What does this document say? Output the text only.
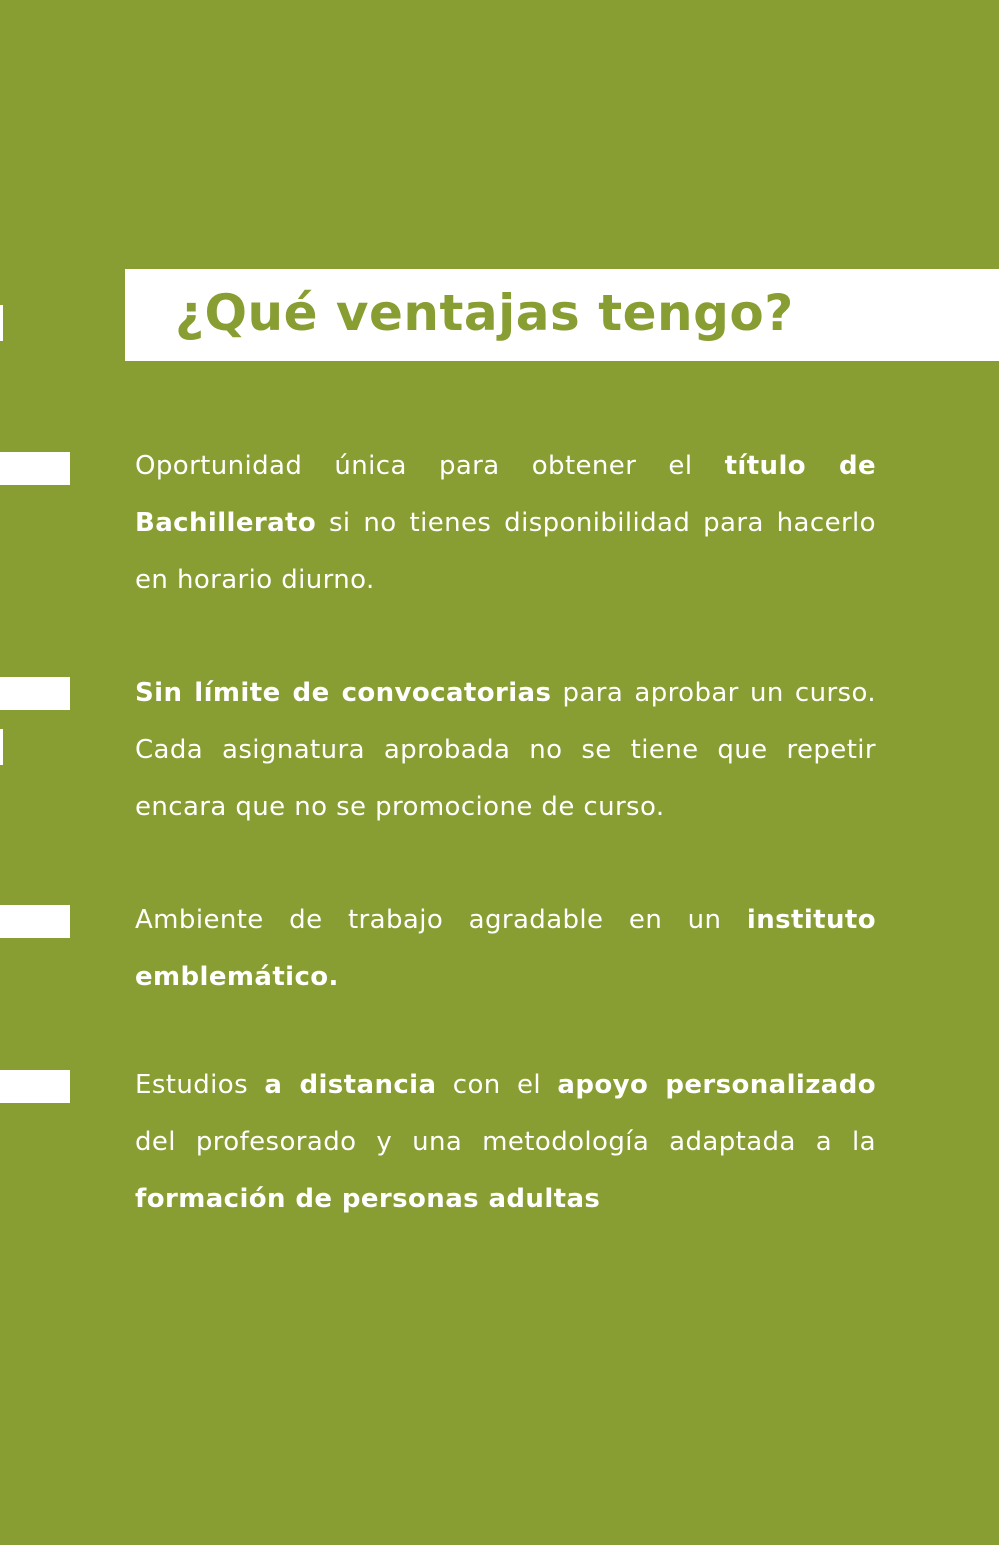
¿Qué ventajas tengo?

Oportunidad única para obtener el título de Bachillerato si no tienes disponibilidad para hacerlo en horario diurno.

Sin límite de convocatorias para aprobar un curso. Cada asignatura aprobada no se tiene que repetir encara que no se promocione de curso.

Ambiente de trabajo agradable en un instituto emblemático.

Estudios a distancia con el apoyo personalizado del profesorado y una metodología adaptada a la formación de personas adultas
